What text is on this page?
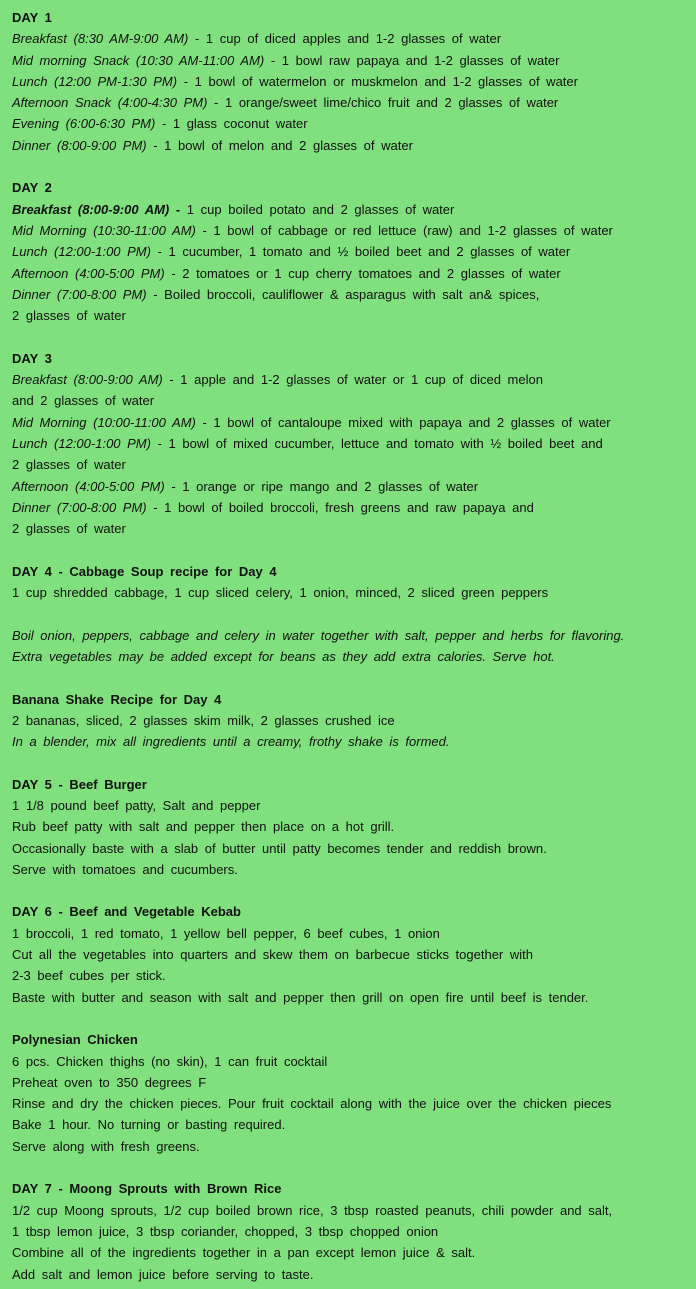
DAY 1
Breakfast (8:30 AM-9:00 AM) - 1 cup of diced apples and 1-2 glasses of water
Mid morning Snack (10:30 AM-11:00 AM) - 1 bowl raw papaya and 1-2 glasses of water
Lunch (12:00 PM-1:30 PM) - 1 bowl of watermelon or muskmelon and 1-2 glasses of water
Afternoon Snack (4:00-4:30 PM) - 1 orange/sweet lime/chico fruit and 2 glasses of water
Evening (6:00-6:30 PM) - 1 glass coconut water
Dinner (8:00-9:00 PM) - 1 bowl of melon and 2 glasses of water
DAY 2
Breakfast (8:00-9:00 AM) - 1 cup boiled potato and 2 glasses of water
Mid Morning (10:30-11:00 AM) - 1 bowl of cabbage or red lettuce (raw) and 1-2 glasses of water
Lunch (12:00-1:00 PM) - 1 cucumber, 1 tomato and ½ boiled beet and 2 glasses of water
Afternoon (4:00-5:00 PM) - 2 tomatoes or 1 cup cherry tomatoes and 2 glasses of water
Dinner (7:00-8:00 PM) - Boiled broccoli, cauliflower & asparagus with salt an& spices,
2 glasses of water
DAY 3
Breakfast (8:00-9:00 AM) - 1 apple and 1-2 glasses of water or 1 cup of diced melon
and 2 glasses of water
Mid Morning (10:00-11:00 AM) - 1 bowl of cantaloupe mixed with papaya and 2 glasses of water
Lunch (12:00-1:00 PM) - 1 bowl of mixed cucumber, lettuce and tomato with ½ boiled beet and
2 glasses of water
Afternoon (4:00-5:00 PM) - 1 orange or ripe mango and 2 glasses of water
Dinner (7:00-8:00 PM) - 1 bowl of boiled broccoli, fresh greens and raw papaya and
2 glasses of water
DAY 4 - Cabbage Soup recipe for Day 4
1 cup shredded cabbage, 1 cup sliced celery, 1 onion, minced, 2 sliced green peppers
Boil onion, peppers, cabbage and celery in water together with salt, pepper and herbs for flavoring.
Extra vegetables may be added except for beans as they add extra calories. Serve hot.
Banana Shake Recipe for Day 4
2 bananas, sliced, 2 glasses skim milk, 2 glasses crushed ice
In a blender, mix all ingredients until a creamy, frothy shake is formed.
DAY 5 - Beef Burger
1 1/8 pound beef patty, Salt and pepper
Rub beef patty with salt and pepper then place on a hot grill.
Occasionally baste with a slab of butter until patty becomes tender and reddish brown.
Serve with tomatoes and cucumbers.
DAY 6 - Beef and Vegetable Kebab
1 broccoli, 1 red tomato, 1 yellow bell pepper, 6 beef cubes, 1 onion
Cut all the vegetables into quarters and skew them on barbecue sticks together with
2-3 beef cubes per stick.
Baste with butter and season with salt and pepper then grill on open fire until beef is tender.
Polynesian Chicken
6 pcs. Chicken thighs (no skin), 1 can fruit cocktail
Preheat oven to 350 degrees F
Rinse and dry the chicken pieces. Pour fruit cocktail along with the juice over the chicken pieces
Bake 1 hour. No turning or basting required.
Serve along with fresh greens.
DAY 7 - Moong Sprouts with Brown Rice
1/2 cup Moong sprouts, 1/2 cup boiled brown rice, 3 tbsp roasted peanuts, chili powder and salt,
1 tbsp lemon juice, 3 tbsp coriander, chopped, 3 tbsp chopped onion
Combine all of the ingredients together in a pan except lemon juice & salt.
Add salt and lemon juice before serving to taste.
